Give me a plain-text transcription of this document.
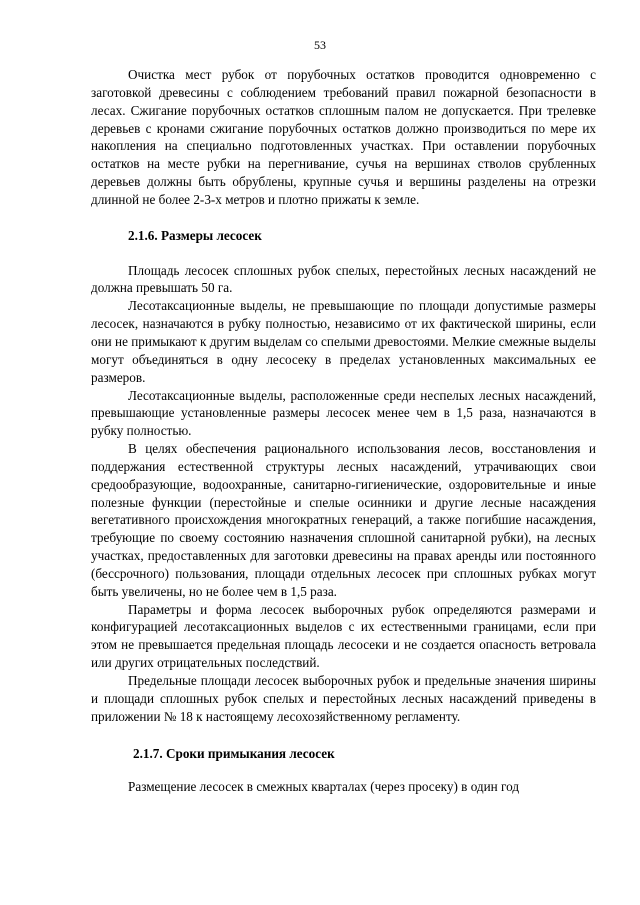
53

Очистка мест рубок от порубочных остатков проводится одновременно с заготовкой древесины с соблюдением требований правил пожарной безопасности в лесах. Сжигание порубочных остатков сплошным палом не допускается. При трелевке деревьев с кронами сжигание порубочных остатков должно производиться по мере их накопления на специально подготовленных участках. При оставлении порубочных остатков на месте рубки на перегнивание, сучья на вершинах стволов срубленных деревьев должны быть обрублены, крупные сучья и вершины разделены на отрезки длинной не более 2-3-х метров и плотно прижаты к земле.

2.1.6. Размеры лесосек

Площадь лесосек сплошных рубок спелых, перестойных лесных насаждений не должна превышать 50 га.

Лесотаксационные выделы, не превышающие по площади допустимые размеры лесосек, назначаются в рубку полностью, независимо от их фактической ширины, если они не примыкают к другим выделам со спелыми древостоями. Мелкие смежные выделы могут объединяться в одну лесосеку в пределах установленных максимальных ее размеров.

Лесотаксационные выделы, расположенные среди неспелых лесных насаждений, превышающие установленные размеры лесосек менее чем в 1,5 раза, назначаются в рубку полностью.

В целях обеспечения рационального использования лесов, восстановления и поддержания естественной структуры лесных насаждений, утрачивающих свои средообразующие, водоохранные, санитарно-гигиенические, оздоровительные и иные полезные функции (перестойные и спелые осинники и другие лесные насаждения вегетативного происхождения многократных генераций, а также погибшие насаждения, требующие по своему состоянию назначения сплошной санитарной рубки), на лесных участках, предоставленных для заготовки древесины на правах аренды или постоянного (бессрочного) пользования, площади отдельных лесосек при сплошных рубках могут быть увеличены, но не более чем в 1,5 раза.

Параметры и форма лесосек выборочных рубок определяются размерами и конфигурацией лесотаксационных выделов с их естественными границами, если при этом не превышается предельная площадь лесосеки и не создается опасность ветровала или других отрицательных последствий.

Предельные площади лесосек выборочных рубок и предельные значения ширины и площади сплошных рубок спелых и перестойных лесных насаждений приведены в приложении № 18 к настоящему лесохозяйственному регламенту.

2.1.7. Сроки примыкания лесосек

Размещение лесосек в смежных кварталах (через просеку) в один год
